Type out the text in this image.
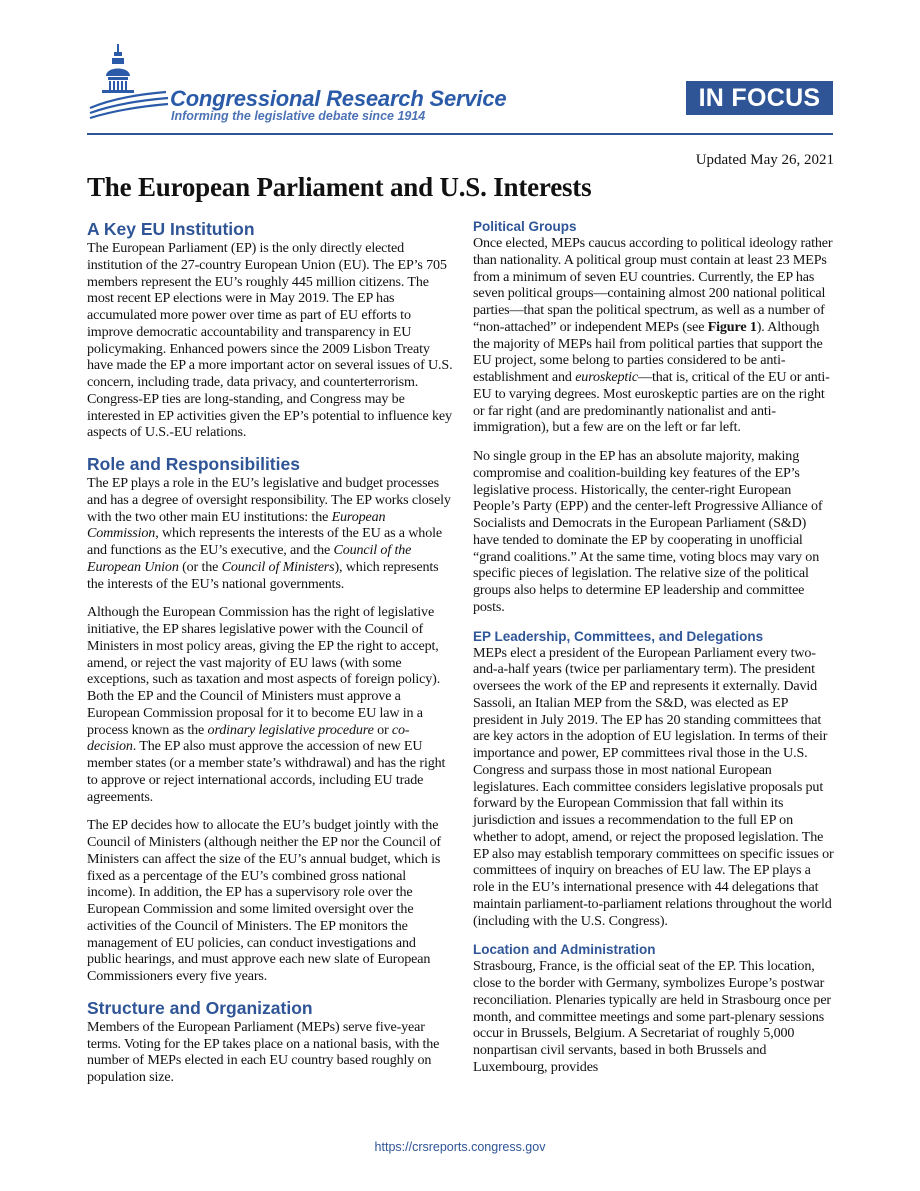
Congressional Research Service
Informing the legislative debate since 1914
IN FOCUS
Updated May 26, 2021
The European Parliament and U.S. Interests
A Key EU Institution

The European Parliament (EP) is the only directly elected institution of the 27-country European Union (EU). The EP’s 705 members represent the EU’s roughly 445 million citizens. The most recent EP elections were in May 2019. The EP has accumulated more power over time as part of EU efforts to improve democratic accountability and transparency in EU policymaking. Enhanced powers since the 2009 Lisbon Treaty have made the EP a more important actor on several issues of U.S. concern, including trade, data privacy, and counterterrorism. Congress-EP ties are long-standing, and Congress may be interested in EP activities given the EP’s potential to influence key aspects of U.S.-EU relations.

Role and Responsibilities

The EP plays a role in the EU’s legislative and budget processes and has a degree of oversight responsibility. The EP works closely with the two other main EU institutions: the European Commission, which represents the interests of the EU as a whole and functions as the EU’s executive, and the Council of the European Union (or the Council of Ministers), which represents the interests of the EU’s national governments.

Although the European Commission has the right of legislative initiative, the EP shares legislative power with the Council of Ministers in most policy areas, giving the EP the right to accept, amend, or reject the vast majority of EU laws (with some exceptions, such as taxation and most aspects of foreign policy). Both the EP and the Council of Ministers must approve a European Commission proposal for it to become EU law in a process known as the ordinary legislative procedure or co-decision. The EP also must approve the accession of new EU member states (or a member state’s withdrawal) and has the right to approve or reject international accords, including EU trade agreements.

The EP decides how to allocate the EU’s budget jointly with the Council of Ministers (although neither the EP nor the Council of Ministers can affect the size of the EU’s annual budget, which is fixed as a percentage of the EU’s combined gross national income). In addition, the EP has a supervisory role over the European Commission and some limited oversight over the activities of the Council of Ministers. The EP monitors the management of EU policies, can conduct investigations and public hearings, and must approve each new slate of European Commissioners every five years.

Structure and Organization

Members of the European Parliament (MEPs) serve five-year terms. Voting for the EP takes place on a national basis, with the number of MEPs elected in each EU country based roughly on population size.

Political Groups

Once elected, MEPs caucus according to political ideology rather than nationality. A political group must contain at least 23 MEPs from a minimum of seven EU countries. Currently, the EP has seven political groups—containing almost 200 national political parties—that span the political spectrum, as well as a number of “non-attached” or independent MEPs (see Figure 1). Although the majority of MEPs hail from political parties that support the EU project, some belong to parties considered to be anti-establishment and euroskeptic—that is, critical of the EU or anti-EU to varying degrees. Most euroskeptic parties are on the right or far right (and are predominantly nationalist and anti-immigration), but a few are on the left or far left.

No single group in the EP has an absolute majority, making compromise and coalition-building key features of the EP’s legislative process. Historically, the center-right European People’s Party (EPP) and the center-left Progressive Alliance of Socialists and Democrats in the European Parliament (S&D) have tended to dominate the EP by cooperating in unofficial “grand coalitions.” At the same time, voting blocs may vary on specific pieces of legislation. The relative size of the political groups also helps to determine EP leadership and committee posts.

EP Leadership, Committees, and Delegations

MEPs elect a president of the European Parliament every two-and-a-half years (twice per parliamentary term). The president oversees the work of the EP and represents it externally. David Sassoli, an Italian MEP from the S&D, was elected as EP president in July 2019. The EP has 20 standing committees that are key actors in the adoption of EU legislation. In terms of their importance and power, EP committees rival those in the U.S. Congress and surpass those in most national European legislatures. Each committee considers legislative proposals put forward by the European Commission that fall within its jurisdiction and issues a recommendation to the full EP on whether to adopt, amend, or reject the proposed legislation. The EP also may establish temporary committees on specific issues or committees of inquiry on breaches of EU law. The EP plays a role in the EU’s international presence with 44 delegations that maintain parliament-to-parliament relations throughout the world (including with the U.S. Congress).

Location and Administration

Strasbourg, France, is the official seat of the EP. This location, close to the border with Germany, symbolizes Europe’s postwar reconciliation. Plenaries typically are held in Strasbourg once per month, and committee meetings and some part-plenary sessions occur in Brussels, Belgium. A Secretariat of roughly 5,000 nonpartisan civil servants, based in both Brussels and Luxembourg, provides

https://crsreports.congress.gov
